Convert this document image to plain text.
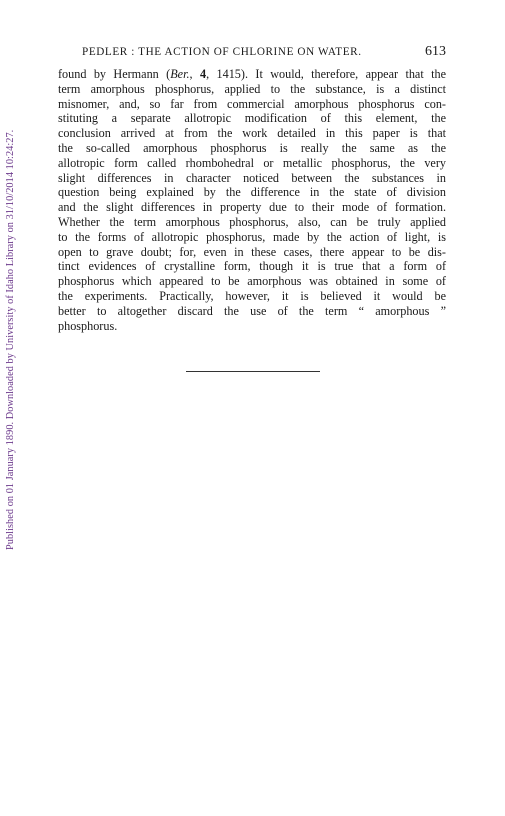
Published on 01 January 1890. Downloaded by University of Idaho Library on 31/10/2014 10:24:27.
PEDLER : THE ACTION OF CHLORINE ON WATER.	613
found by Hermann (Ber., 4, 1415). It would, therefore, appear that the
term amorphous phosphorus, applied to the substance, is a distinct
misnomer, and, so far from commercial amorphous phosphorus con-
stituting a separate allotropic modification of this element, the
conclusion arrived at from the work detailed in this paper is that
the so-called amorphous phosphorus is really the same as the
allotropic form called rhombohedral or metallic phosphorus, the very
slight differences in character noticed between the substances in
question being explained by the difference in the state of division
and the slight differences in property due to their mode of formation.
Whether the term amorphous phosphorus, also, can be truly applied
to the forms of allotropic phosphorus, made by the action of light, is
open to grave doubt; for, even in these cases, there appear to be dis-
tinct evidences of crystalline form, though it is true that a form of
phosphorus which appeared to be amorphous was obtained in some of
the experiments. Practically, however, it is believed it would be
better to altogether discard the use of the term “ amorphous ”
phosphorus.
